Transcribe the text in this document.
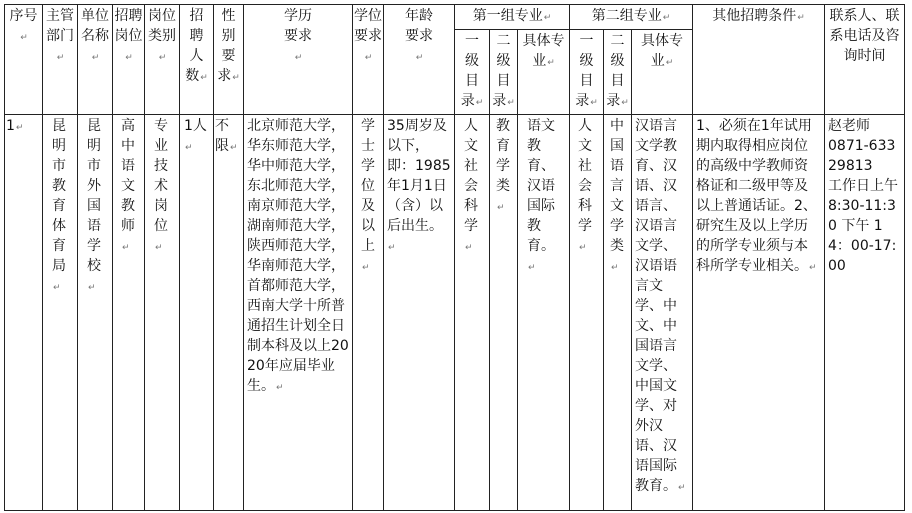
序号 ↵	主管部门 ↵	单位名称 ↵	招聘岗位 ↵	岗位类别 ↵	招聘人数 ↵	性别要求 ↵	学历要求 ↵	学位要求 ↵	年龄要求 ↵	第一组专业 ↵			第二组专业 ↵			其他招聘条件 ↵	联系人、联系电话及咨询时间
										一级目录 ↵	二级目录 ↵	具体专业 ↵	一级目录 ↵	二级目录 ↵	具体专业 ↵
1 ↵	昆明市教育体育局 ↵	昆明市外国语学校 ↵	高中语文教师 ↵	专业技术岗位 ↵	1人 ↵	不限 ↵	北京师范大学，华东师范大学，华中师范大学，东北师范大学，南京师范大学，湖南师范大学，陕西师范大学，华南师范大学，首都师范大学，西南大学十所普通招生计划全日制本科及以上2020年应届毕业生。 ↵	学士学位及以上 ↵	35周岁及以下，即：1985年1月1日（含）以后出生。 ↵	人文社会科学 ↵	教育学类 ↵	语文教育、汉语国际教育。 ↵	人文社会科学 ↵	中国语言文学类 ↵	汉语言文学教育、汉语、汉语言、汉语言文学、汉语语言文学、中文、中国语言文学、中国文学、对外汉语、汉语国际教育。 ↵	1、必须在1年试用期内取得相应岗位的高级中学教师资格证和二级甲等及以上普通话证。2、研究生及以上学历的所学专业须与本科所学专业相关。 ↵	赵老师
0871-63329813
工作日上午8:30-11:30 下午 14：00-17:00
